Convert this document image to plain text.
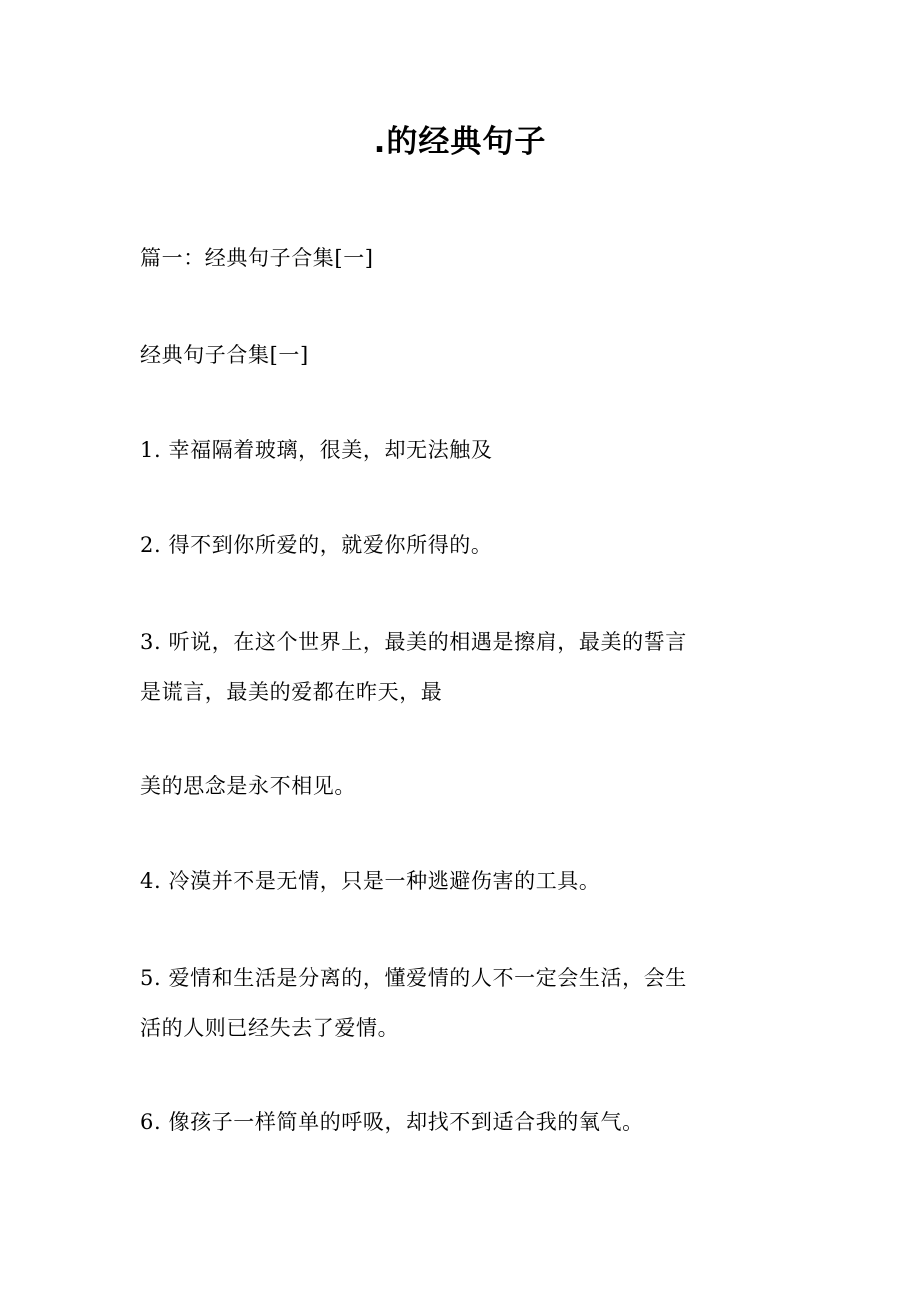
.的经典句子
篇一：经典句子合集[一]
经典句子合集[一]
1. 幸福隔着玻璃，很美，却无法触及
2. 得不到你所爱的，就爱你所得的。
3. 听说，在这个世界上，最美的相遇是擦肩，最美的誓言
是谎言，最美的爱都在昨天，最
美的思念是永不相见。
4. 冷漠并不是无情，只是一种逃避伤害的工具。
5. 爱情和生活是分离的，懂爱情的人不一定会生活，会生
活的人则已经失去了爱情。
6. 像孩子一样简单的呼吸，却找不到适合我的氧气。
